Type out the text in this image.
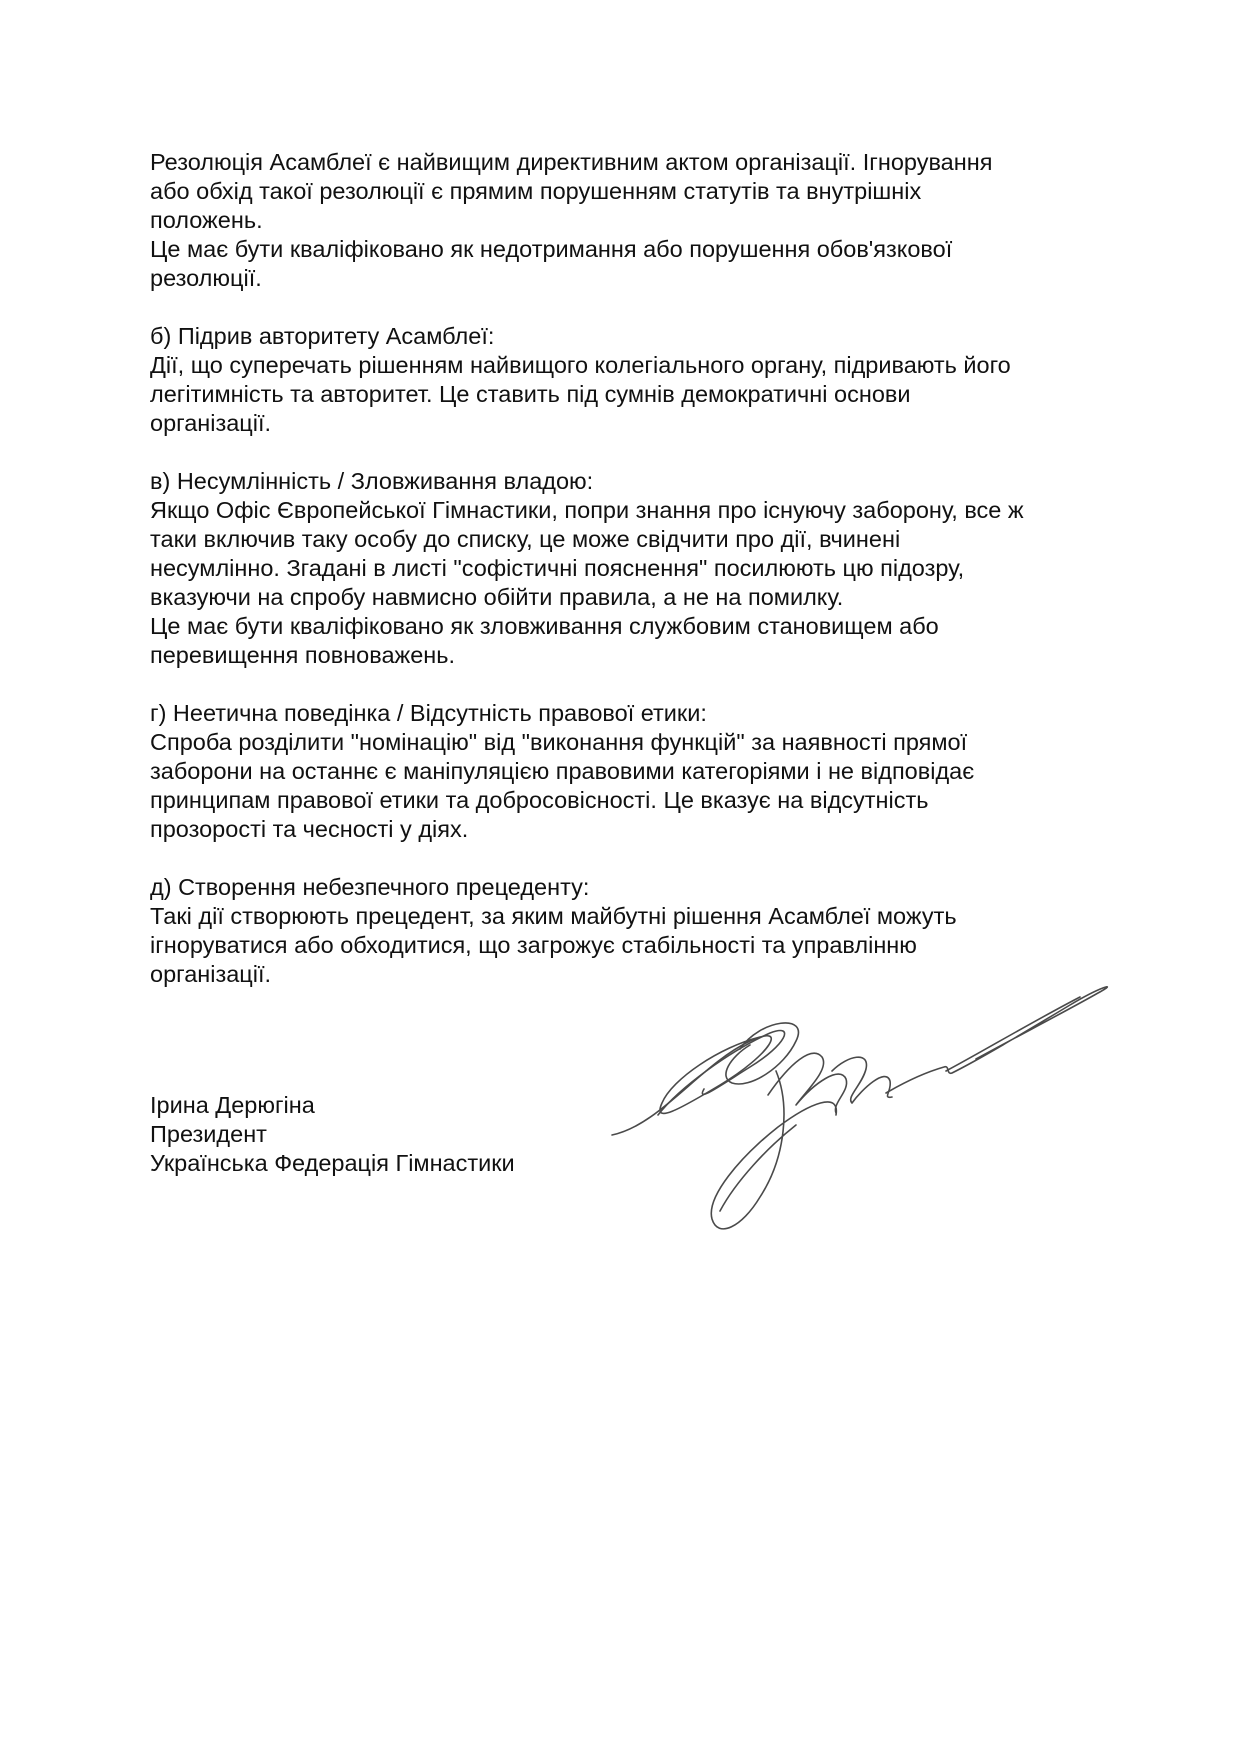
Резолюція Асамблеї є найвищим директивним актом організації. Ігнорування
або обхід такої резолюції є прямим порушенням статутів та внутрішніх
положень.
Це має бути кваліфіковано як недотримання або порушення обов'язкової
резолюції.

б) Підрив авторитету Асамблеї:
Дії, що суперечать рішенням найвищого колегіального органу, підривають його
легітимність та авторитет. Це ставить під сумнів демократичні основи
організації.

в) Несумлінність / Зловживання владою:
Якщо Офіс Європейської Гімнастики, попри знання про існуючу заборону, все ж
таки включив таку особу до списку, це може свідчити про дії, вчинені
несумлінно. Згадані в листі "софістичні пояснення" посилюють цю підозру,
вказуючи на спробу навмисно обійти правила, а не на помилку.
Це має бути кваліфіковано як зловживання службовим становищем або
перевищення повноважень.

г) Неетична поведінка / Відсутність правової етики:
Спроба розділити "номінацію" від "виконання функцій" за наявності прямої
заборони на останнє є маніпуляцією правовими категоріями і не відповідає
принципам правової етики та добросовісності. Це вказує на відсутність
прозорості та чесності у діях.

д) Створення небезпечного прецеденту:
Такі дії створюють прецедент, за яким майбутні рішення Асамблеї можуть
ігноруватися або обходитися, що загрожує стабільності та управлінню
організації.

Ірина Дерюгіна
Президент
Українська Федерація Гімнастики
